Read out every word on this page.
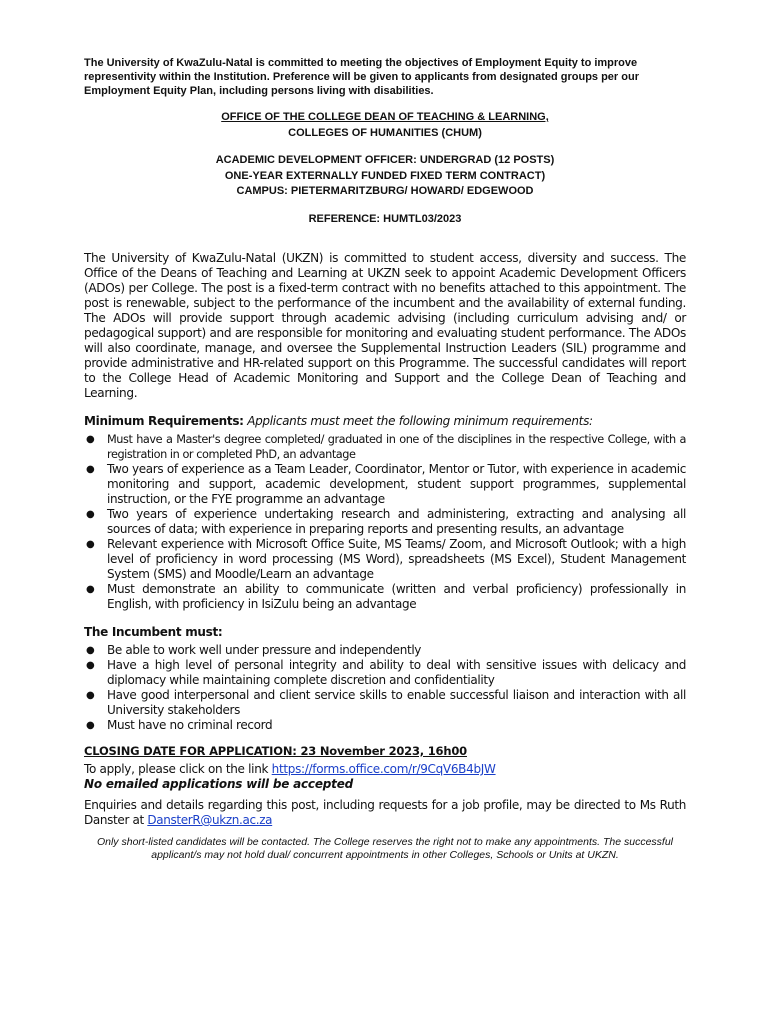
The University of KwaZulu-Natal is committed to meeting the objectives of Employment Equity to improve representivity within the Institution. Preference will be given to applicants from designated groups per our Employment Equity Plan, including persons living with disabilities.

OFFICE OF THE COLLEGE DEAN OF TEACHING & LEARNING,

COLLEGES OF HUMANITIES (CHUM)

ACADEMIC DEVELOPMENT OFFICER: UNDERGRAD (12 POSTS)

ONE-YEAR EXTERNALLY FUNDED FIXED TERM CONTRACT)

CAMPUS: PIETERMARITZBURG/ HOWARD/ EDGEWOOD

REFERENCE: HUMTL03/2023

The University of KwaZulu-Natal (UKZN) is committed to student access, diversity and success. The Office of the Deans of Teaching and Learning at UKZN seek to appoint Academic Development Officers (ADOs) per College. The post is a fixed-term contract with no benefits attached to this appointment. The post is renewable, subject to the performance of the incumbent and the availability of external funding. The ADOs will provide support through academic advising (including curriculum advising and/ or pedagogical support) and are responsible for monitoring and evaluating student performance. The ADOs will also coordinate, manage, and oversee the Supplemental Instruction Leaders (SIL) programme and provide administrative and HR-related support on this Programme. The successful candidates will report to the College Head of Academic Monitoring and Support and the College Dean of Teaching and Learning.

Minimum Requirements: Applicants must meet the following minimum requirements:

● Must have a Master's degree completed/ graduated in one of the disciplines in the respective College, with a registration in or completed PhD, an advantage
● Two years of experience as a Team Leader, Coordinator, Mentor or Tutor, with experience in academic monitoring and support, academic development, student support programmes, supplemental instruction, or the FYE programme an advantage
● Two years of experience undertaking research and administering, extracting and analysing all sources of data; with experience in preparing reports and presenting results, an advantage
● Relevant experience with Microsoft Office Suite, MS Teams/ Zoom, and Microsoft Outlook; with a high level of proficiency in word processing (MS Word), spreadsheets (MS Excel), Student Management System (SMS) and Moodle/Learn an advantage
● Must demonstrate an ability to communicate (written and verbal proficiency) professionally in English, with proficiency in IsiZulu being an advantage

The Incumbent must:

● Be able to work well under pressure and independently
● Have a high level of personal integrity and ability to deal with sensitive issues with delicacy and diplomacy while maintaining complete discretion and confidentiality
● Have good interpersonal and client service skills to enable successful liaison and interaction with all University stakeholders
● Must have no criminal record

CLOSING DATE FOR APPLICATION: 23 November 2023, 16h00

To apply, please click on the link https://forms.office.com/r/9CqV6B4bJW

No emailed applications will be accepted

Enquiries and details regarding this post, including requests for a job profile, may be directed to Ms Ruth Danster at DansterR@ukzn.ac.za

Only short-listed candidates will be contacted. The College reserves the right not to make any appointments. The successful applicant/s may not hold dual/ concurrent appointments in other Colleges, Schools or Units at UKZN.
